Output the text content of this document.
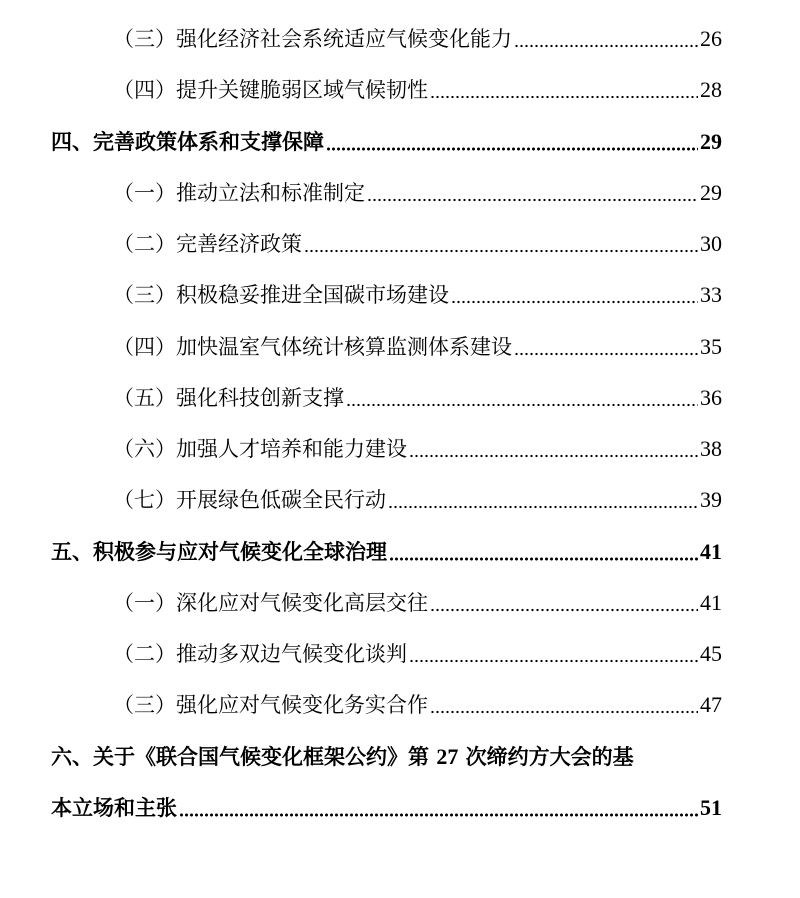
（三）强化经济社会系统适应气候变化能力	26
（四）提升关键脆弱区域气候韧性	28
四、完善政策体系和支撑保障	29
（一）推动立法和标准制定	29
（二）完善经济政策	30
（三）积极稳妥推进全国碳市场建设	33
（四）加快温室气体统计核算监测体系建设	35
（五）强化科技创新支撑	36
（六）加强人才培养和能力建设	38
（七）开展绿色低碳全民行动	39
五、积极参与应对气候变化全球治理	41
（一）深化应对气候变化高层交往	41
（二）推动多双边气候变化谈判	45
（三）强化应对气候变化务实合作	47
六、关于《联合国气候变化框架公约》第 27 次缔约方大会的基
本立场和主张	51
